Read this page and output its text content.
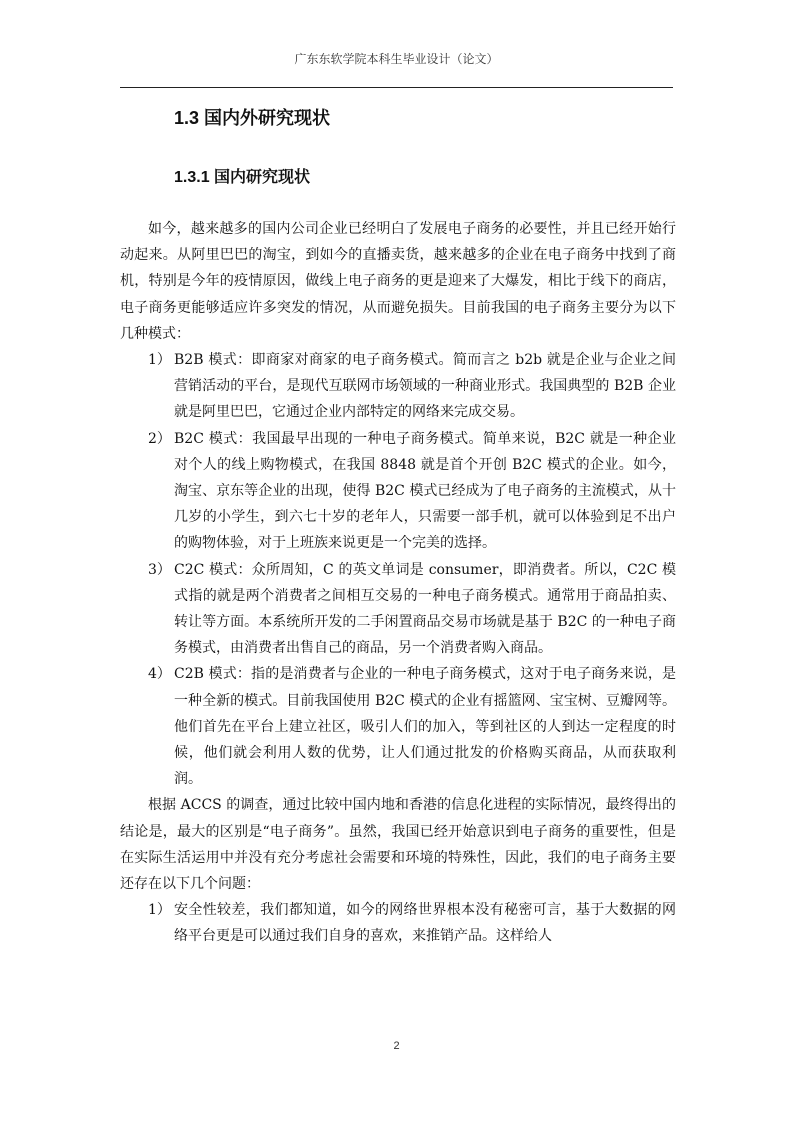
广东东软学院本科生毕业设计（论文）
1.3 国内外研究现状
1.3.1 国内研究现状

如今，越来越多的国内公司企业已经明白了发展电子商务的必要性，并且已经开始行动起来。从阿里巴巴的淘宝，到如今的直播卖货，越来越多的企业在电子商务中找到了商机，特别是今年的疫情原因，做线上电子商务的更是迎来了大爆发，相比于线下的商店，电子商务更能够适应许多突发的情况，从而避免损失。目前我国的电子商务主要分为以下几种模式：

1） B2B 模式：即商家对商家的电子商务模式。简而言之 b2b 就是企业与企业之间营销活动的平台，是现代互联网市场领域的一种商业形式。我国典型的 B2B 企业就是阿里巴巴，它通过企业内部特定的网络来完成交易。
2） B2C 模式：我国最早出现的一种电子商务模式。简单来说，B2C 就是一种企业对个人的线上购物模式，在我国 8848 就是首个开创 B2C 模式的企业。如今，淘宝、京东等企业的出现，使得 B2C 模式已经成为了电子商务的主流模式，从十几岁的小学生，到六七十岁的老年人，只需要一部手机，就可以体验到足不出户的购物体验，对于上班族来说更是一个完美的选择。
3） C2C 模式：众所周知，C 的英文单词是 consumer，即消费者。所以，C2C 模式指的就是两个消费者之间相互交易的一种电子商务模式。通常用于商品拍卖、转让等方面。本系统所开发的二手闲置商品交易市场就是基于 B2C 的一种电子商务模式，由消费者出售自己的商品，另一个消费者购入商品。
4） C2B 模式：指的是消费者与企业的一种电子商务模式，这对于电子商务来说，是一种全新的模式。目前我国使用 B2C 模式的企业有摇篮网、宝宝树、豆瓣网等。他们首先在平台上建立社区，吸引人们的加入，等到社区的人到达一定程度的时候，他们就会利用人数的优势，让人们通过批发的价格购买商品，从而获取利润。

根据 ACCS 的调查，通过比较中国内地和香港的信息化进程的实际情况，最终得出的结论是，最大的区别是“电子商务”。虽然，我国已经开始意识到电子商务的重要性，但是在实际生活运用中并没有充分考虑社会需要和环境的特殊性，因此，我们的电子商务主要还存在以下几个问题：

1） 安全性较差，我们都知道，如今的网络世界根本没有秘密可言，基于大数据的网络平台更是可以通过我们自身的喜欢，来推销产品。这样给人
2
